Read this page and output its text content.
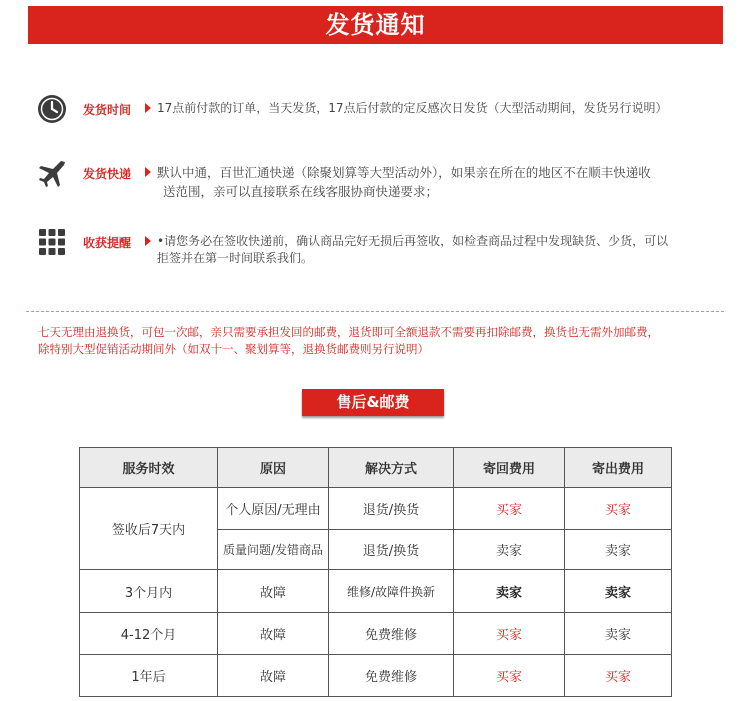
发货通知
发货时间 17点前付款的订单，当天发货，17点后付款的定反感次日发货（大型活动期间，发货另行说明）
发货快递 默认中通，百世汇通快递（除聚划算等大型活动外），如果亲在所在的地区不在顺丰快递收
送范围，亲可以直接联系在线客服协商快递要求；
收获提醒 •请您务必在签收快递前，确认商品完好无损后再签收，如检查商品过程中发现缺货、少货，可以
拒签并在第一时间联系我们。
七天无理由退换货，可包一次邮，亲只需要承担发回的邮费，退货即可全额退款不需要再扣除邮费，换货也无需外加邮费，
除特别大型促销活动期间外（如双十一、聚划算等，退换货邮费则另行说明）
售后&邮费
服务时效	原因	解决方式	寄回费用	寄出费用
签收后7天内	个人原因/无理由	退货/换货	买家	买家
	质量问题/发错商品	退货/换货	卖家	卖家
3个月内	故障	维修/故障件换新	卖家	卖家
4-12个月	故障	免费维修	买家	卖家
1年后	故障	免费维修	买家	买家
